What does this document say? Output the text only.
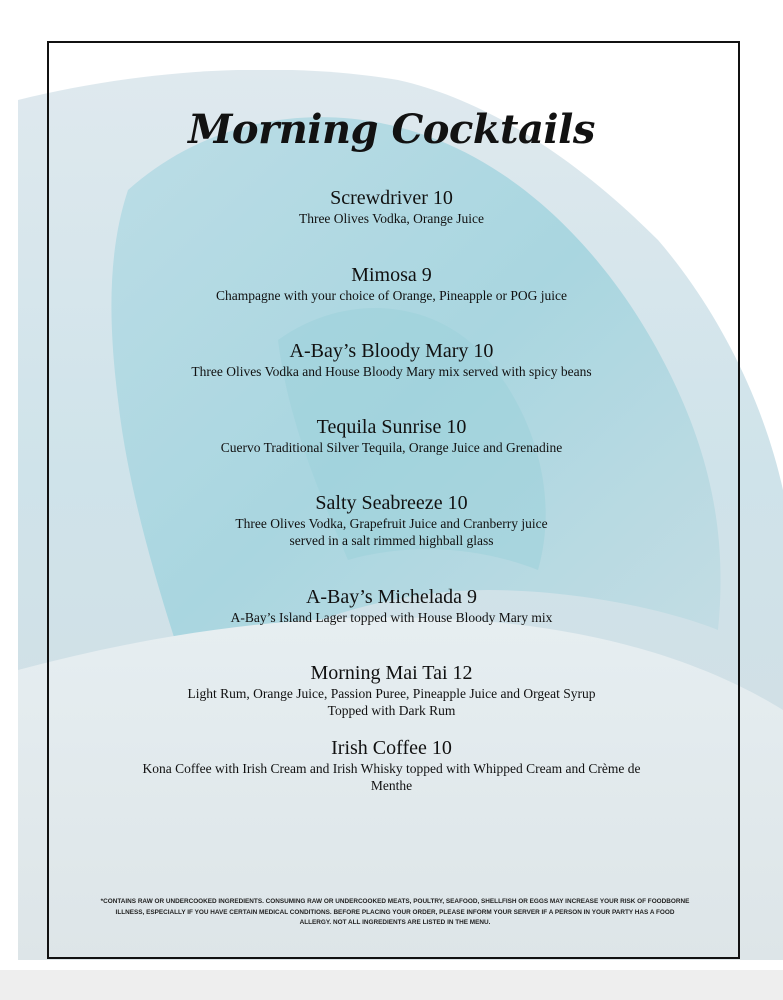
Morning Cocktails
Screwdriver 10
Three Olives Vodka, Orange Juice
Mimosa 9
Champagne with your choice of Orange, Pineapple or POG juice
A-Bay’s Bloody Mary 10
Three Olives Vodka and House Bloody Mary mix served with spicy beans
Tequila Sunrise 10
Cuervo Traditional Silver Tequila, Orange Juice and Grenadine
Salty Seabreeze 10
Three Olives Vodka, Grapefruit Juice and Cranberry juice
served in a salt rimmed highball glass
A-Bay’s Michelada 9
A-Bay’s Island Lager topped with House Bloody Mary mix
Morning Mai Tai 12
Light Rum, Orange Juice, Passion Puree, Pineapple Juice and Orgeat Syrup
Topped with Dark Rum
Irish Coffee 10
Kona Coffee with Irish Cream and Irish Whisky topped with Whipped Cream and Crème de
Menthe
*CONTAINS RAW OR UNDERCOOKED INGREDIENTS. CONSUMING RAW OR UNDERCOOKED MEATS, POULTRY, SEAFOOD, SHELLFISH OR EGGS MAY INCREASE YOUR RISK OF FOODBORNE ILLNESS, ESPECIALLY IF YOU HAVE CERTAIN MEDICAL CONDITIONS. BEFORE PLACING YOUR ORDER, PLEASE INFORM YOUR SERVER IF A PERSON IN YOUR PARTY HAS A FOOD ALLERGY. NOT ALL INGREDIENTS ARE LISTED IN THE MENU.
